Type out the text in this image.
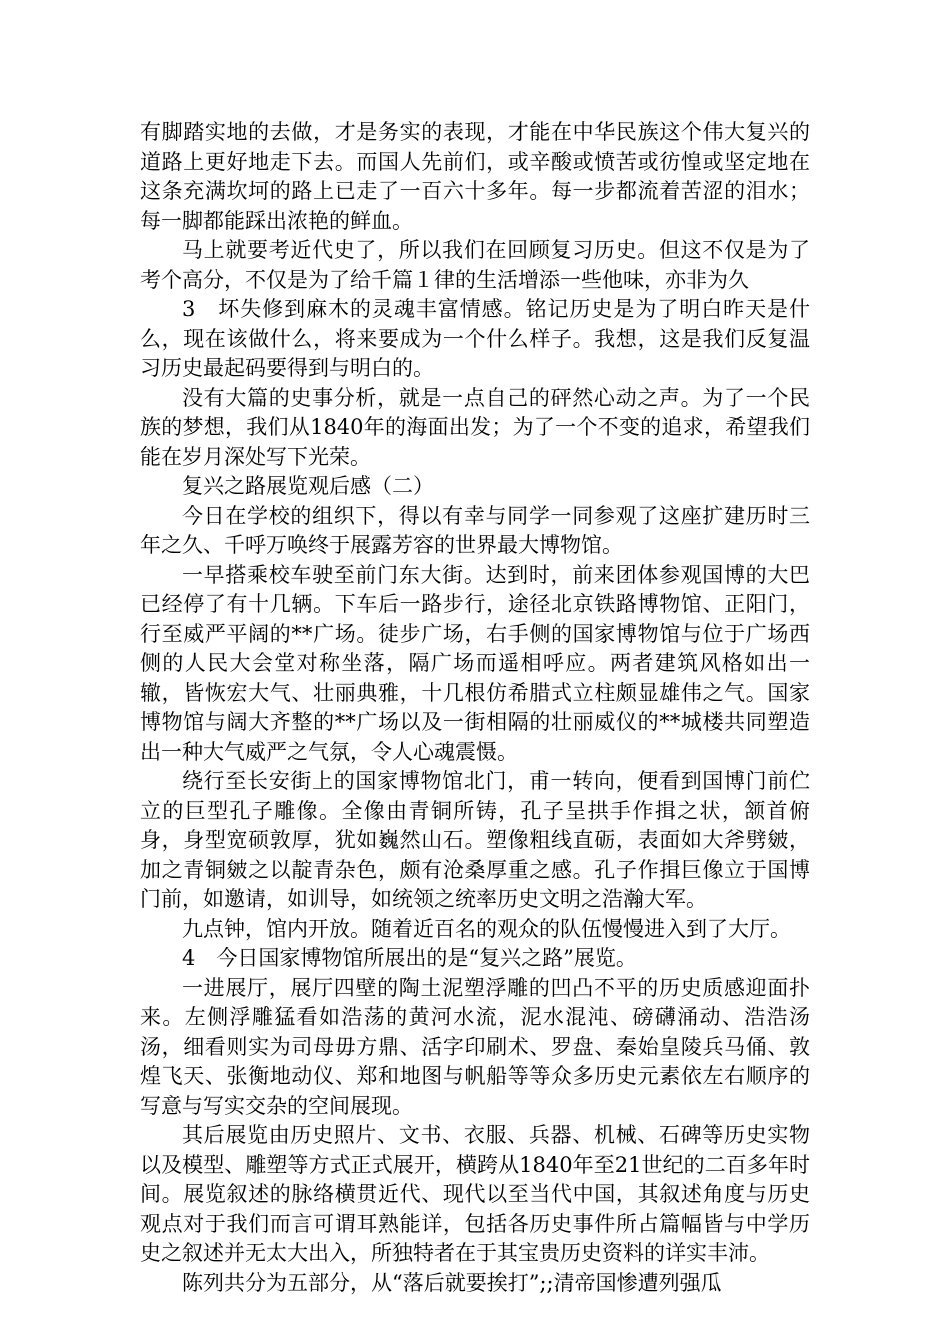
有脚踏实地的去做，才是务实的表现，才能在中华民族这个伟大复兴的道路上更好地走下去。而国人先前们，或辛酸或愤苦或彷惶或坚定地在这条充满坎坷的路上已走了一百六十多年。每一步都流着苦涩的泪水；每一脚都能踩出浓艳的鲜血。

马上就要考近代史了，所以我们在回顾复习历史。但这不仅是为了考个高分，不仅是为了给千篇１律的生活增添一些他味，亦非为久

3　坏失修到麻木的灵魂丰富情感。铭记历史是为了明白昨天是什么，现在该做什么，将来要成为一个什么样子。我想，这是我们反复温习历史最起码要得到与明白的。

没有大篇的史事分析，就是一点自己的砰然心动之声。为了一个民族的梦想，我们从1840年的海面出发；为了一个不变的追求，希望我们能在岁月深处写下光荣。

复兴之路展览观后感（二）

今日在学校的组织下，得以有幸与同学一同参观了这座扩建历时三年之久、千呼万唤终于展露芳容的世界最大博物馆。

一早搭乘校车驶至前门东大街。达到时，前来团体参观国博的大巴已经停了有十几辆。下车后一路步行，途径北京铁路博物馆、正阳门，行至威严平阔的**广场。徒步广场，右手侧的国家博物馆与位于广场西侧的人民大会堂对称坐落，隔广场而遥相呼应。两者建筑风格如出一辙，皆恢宏大气、壮丽典雅，十几根仿希腊式立柱颇显雄伟之气。国家博物馆与阔大齐整的**广场以及一街相隔的壮丽威仪的**城楼共同塑造出一种大气威严之气氛，令人心魂震慑。

绕行至长安街上的国家博物馆北门，甫一转向，便看到国博门前伫立的巨型孔子雕像。全像由青铜所铸，孔子呈拱手作揖之状，颔首俯身，身型宽硕敦厚，犹如巍然山石。塑像粗线直砺，表面如大斧劈皴，加之青铜皴之以靛青杂色，颇有沧桑厚重之感。孔子作揖巨像立于国博门前，如邀请，如训导，如统领之统率历史文明之浩瀚大军。

九点钟，馆内开放。随着近百名的观众的队伍慢慢进入到了大厅。

4　今日国家博物馆所展出的是“复兴之路”展览。

一进展厅，展厅四壁的陶土泥塑浮雕的凹凸不平的历史质感迎面扑来。左侧浮雕猛看如浩荡的黄河水流，泥水混沌、磅礴涌动、浩浩汤汤，细看则实为司母毋方鼎、活字印刷术、罗盘、秦始皇陵兵马俑、敦煌飞天、张衡地动仪、郑和地图与帆船等等众多历史元素依左右顺序的写意与写实交杂的空间展现。

其后展览由历史照片、文书、衣服、兵器、机械、石碑等历史实物以及模型、雕塑等方式正式展开，横跨从1840年至21世纪的二百多年时间。展览叙述的脉络横贯近代、现代以至当代中国，其叙述角度与历史观点对于我们而言可谓耳熟能详，包括各历史事件所占篇幅皆与中学历史之叙述并无太大出入，所独特者在于其宝贵历史资料的详实丰沛。

陈列共分为五部分，从“落后就要挨打”;;清帝国惨遭列强瓜
